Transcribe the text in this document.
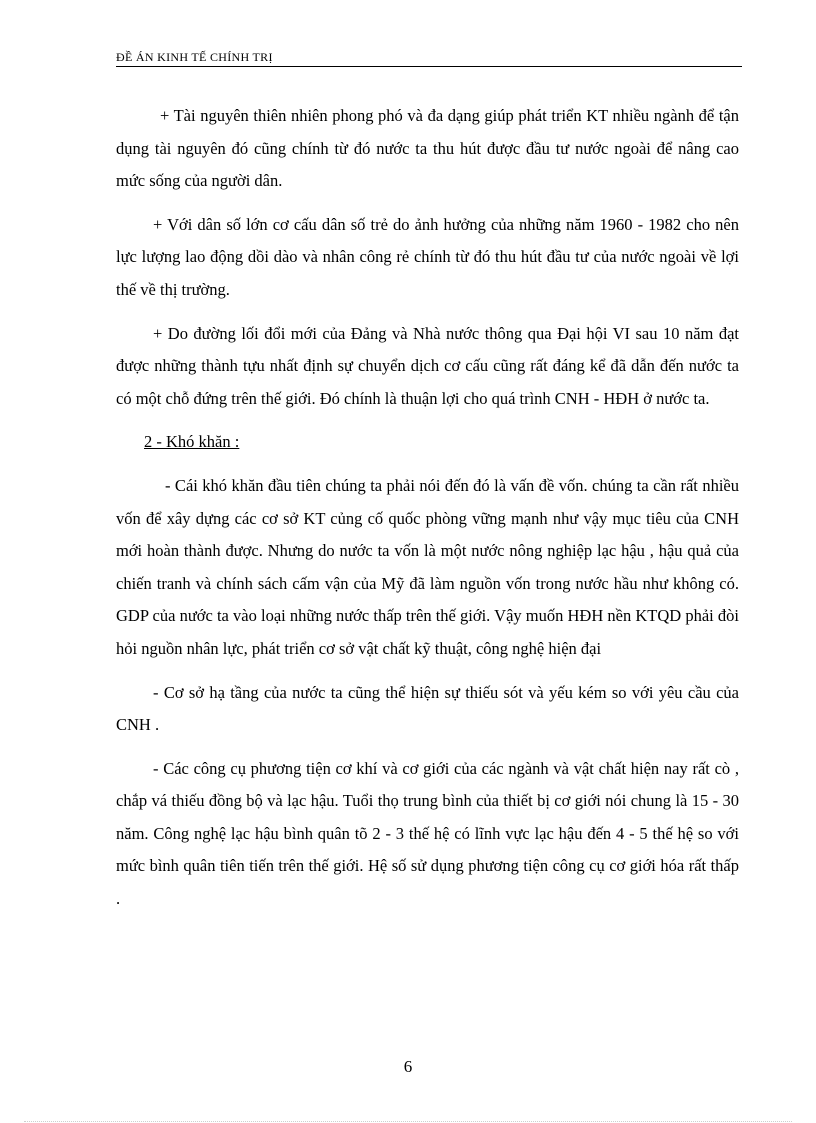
ĐỀ ÁN KINH TẾ CHÍNH TRỊ

+ Tài nguyên thiên nhiên phong phó và đa dạng giúp phát triển KT nhiều ngành để tận dụng tài nguyên đó cũng chính từ đó nước ta thu hút được đầu tư nước ngoài để nâng cao mức sống của người dân.

+ Với dân số lớn cơ cấu dân số trẻ do ảnh hưởng của những năm 1960 - 1982 cho nên lực lượng lao động dồi dào và nhân công rẻ chính từ đó thu hút đầu tư của nước ngoài về lợi thế về thị trường.

+ Do đường lối đổi mới của Đảng và Nhà nước thông qua Đại hội VI sau 10 năm đạt được những thành tựu nhất định sự chuyển dịch cơ cấu cũng rất đáng kể đã dẫn đến nước ta có một chỗ đứng trên thế giới. Đó chính là thuận lợi cho quá trình CNH - HĐH ở nước ta.

2 - Khó khăn :

- Cái khó khăn đầu tiên chúng ta phải nói đến đó là vấn đề vốn. chúng ta cần rất nhiều vốn để xây dựng các cơ sở KT củng cố quốc phòng vững mạnh như vậy mục tiêu của CNH mới hoàn thành được. Nhưng do nước ta vốn là một nước nông nghiệp lạc hậu , hậu quả của chiến tranh và chính sách cấm vận của Mỹ đã làm nguồn vốn trong nước hầu như không có. GDP của nước ta vào loại những nước thấp trên thế giới. Vậy muốn HĐH nền KTQD phải đòi hỏi nguồn nhân lực, phát triển cơ sở vật chất kỹ thuật, công nghệ hiện đại

- Cơ sở hạ tầng của nước ta cũng thể hiện sự thiếu sót và yếu kém so với yêu cầu của CNH .

- Các công cụ phương tiện cơ khí và cơ giới của các ngành và vật chất hiện nay rất cò , chắp vá thiếu đồng bộ và lạc hậu. Tuổi thọ trung bình của thiết bị cơ giới nói chung là 15 - 30 năm. Công nghệ lạc hậu bình quân tõ 2 - 3 thế hệ có lĩnh vực lạc hậu đến 4 - 5 thế hệ so với mức bình quân tiên tiến trên thế giới. Hệ số sử dụng phương tiện công cụ cơ giới hóa rất thấp .

6
